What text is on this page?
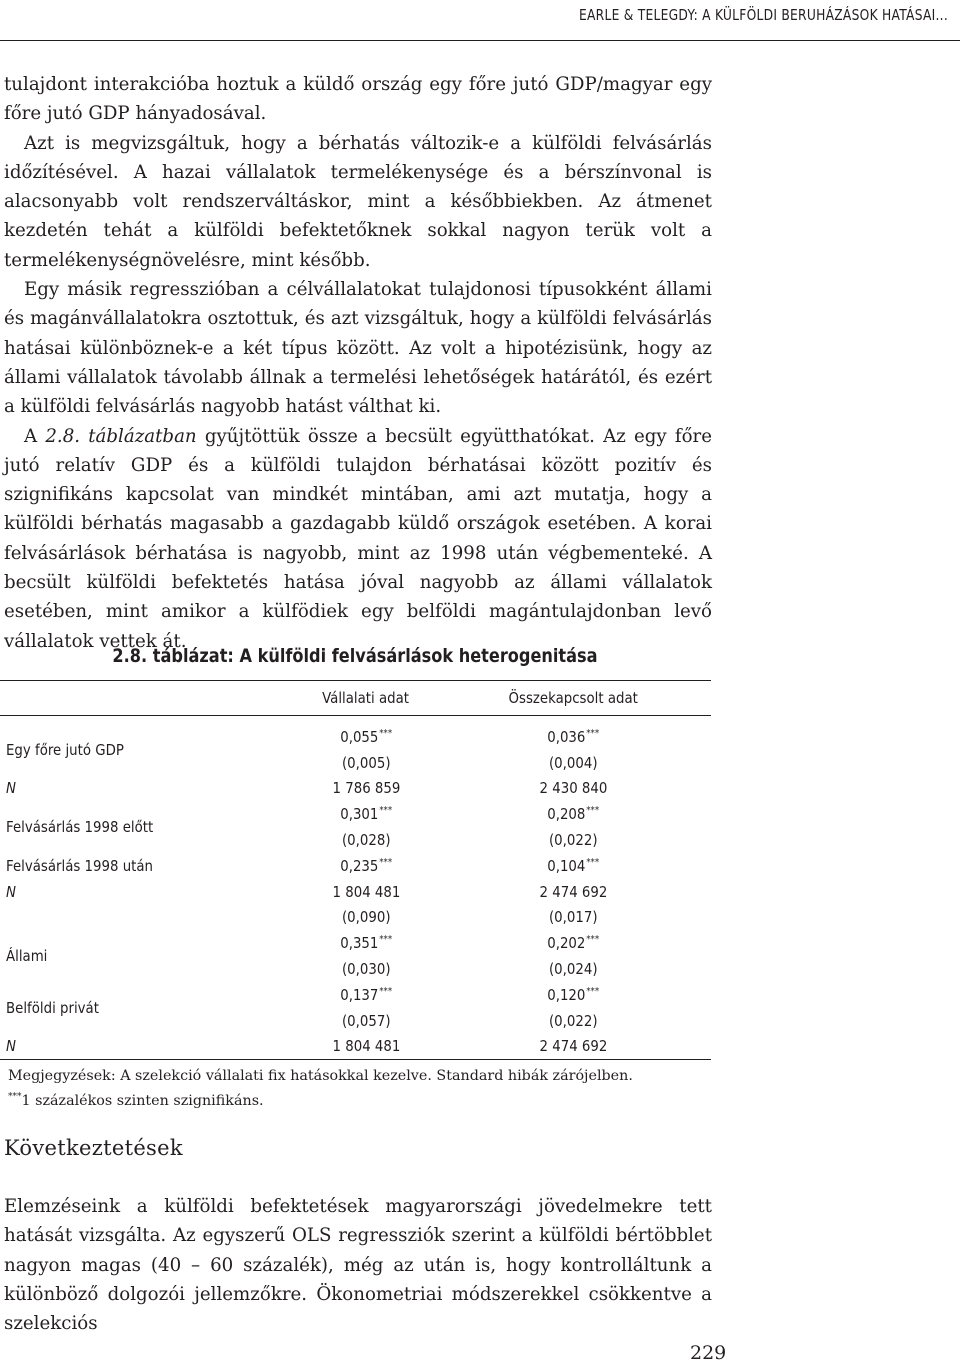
EARLE & TELEGDY: A KÜLFÖLDI BERUHÁZÁSOK HATÁSAI...

tulajdont interakcióba hoztuk a küldő ország egy főre jutó GDP/magyar egy főre jutó GDP hányadosával.

Azt is megvizsgáltuk, hogy a bérhatás változik-e a külföldi felvásárlás időzítésével. A hazai vállalatok termelékenysége és a bérszínvonal is alacsonyabb volt rendszerváltáskor, mint a későbbiekben. Az átmenet kezdetén tehát a külföldi befektetőknek sokkal nagyon terük volt a termelékenységnövelésre, mint később.

Egy másik regresszióban a célvállalatokat tulajdonosi típusokként állami és magánvállalatokra osztottuk, és azt vizsgáltuk, hogy a külföldi felvásárlás hatásai különböznek-e a két típus között. Az volt a hipotézisünk, hogy az állami vállalatok távolabb állnak a termelési lehetőségek határától, és ezért a külföldi felvásárlás nagyobb hatást válthat ki.

A 2.8. táblázatban gyűjtöttük össze a becsült együtthatókat. Az egy főre jutó relatív GDP és a külföldi tulajdon bérhatásai között pozitív és szignifikáns kapcsolat van mindkét mintában, ami azt mutatja, hogy a külföldi bérhatás magasabb a gazdagabb küldő országok esetében. A korai felvásárlások bérhatása is nagyobb, mint az 1998 után végbementeké. A becsült külföldi befektetés hatása jóval nagyobb az állami vállalatok esetében, mint amikor a külfödiek egy belföldi magántulajdonban levő vállalatok vettek át.

2.8. táblázat: A külföldi felvásárlások heterogenitása
	Vállalati adat	Összekapcsolt adat

Egy főre jutó GDP	0,055***	0,036***
	(0,005)	(0,004)
N	1 786 859	2 430 840
Felvásárlás 1998 előtt	0,301***	0,208***
	(0,028)	(0,022)
Felvásárlás 1998 után	0,235***	0,104***
N	1 804 481	2 474 692
	(0,090)	(0,017)
Állami	0,351***	0,202***
	(0,030)	(0,024)
Belföldi privát	0,137***	0,120***
	(0,057)	(0,022)
N	1 804 481	2 474 692
Megjegyzések: A szelekció vállalati fix hatásokkal kezelve. Standard hibák zárójelben.
***1 százalékos szinten szignifikáns.
Következtetések

Elemzéseink a külföldi befektetések magyarországi jövedelmekre tett hatását vizsgálta. Az egyszerű OLS regressziók szerint a külföldi bértöbblet nagyon magas (40 – 60 százalék), még az után is, hogy kontrolláltunk a különböző dolgozói jellemzőkre. Ökonometriai módszerekkel csökkentve a szelekciós

229
